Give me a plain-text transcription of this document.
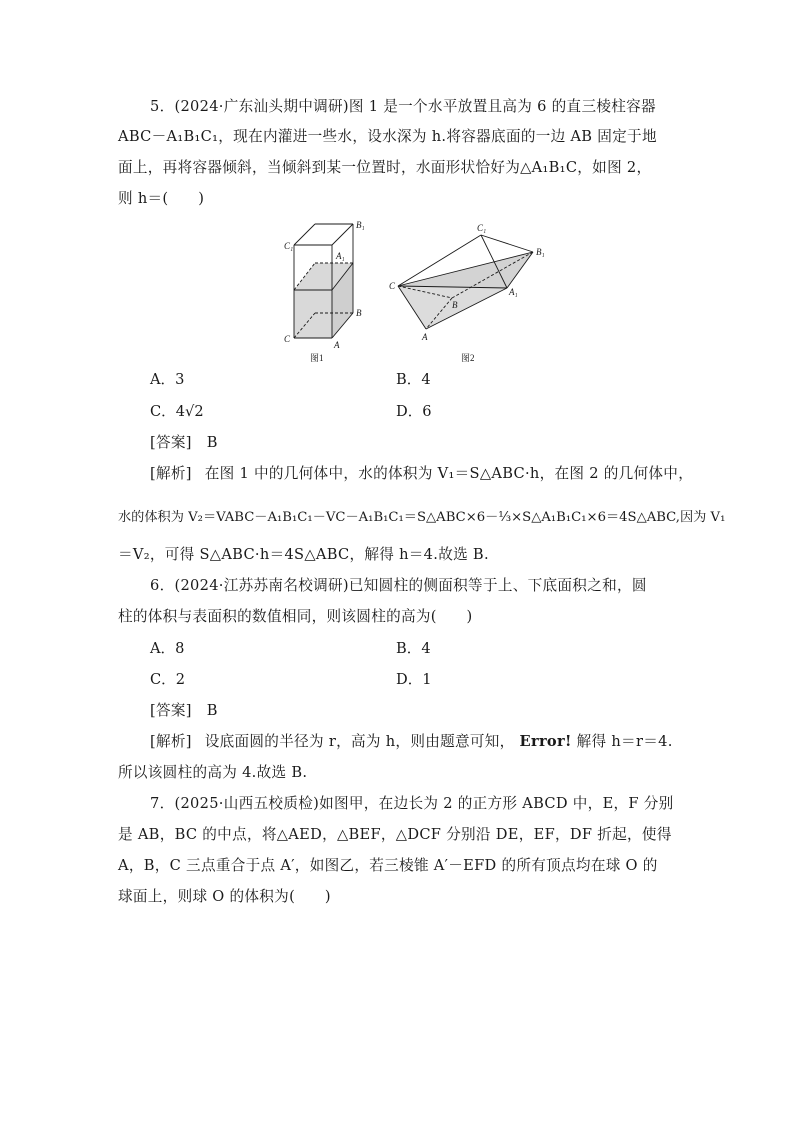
5．(2024·广东汕头期中调研)图 1 是一个水平放置且高为 6 的直三棱柱容器
ABC－A₁B₁C₁，现在内灌进一些水，设水深为 h.将容器底面的一边 AB 固定于地
面上，再将容器倾斜，当倾斜到某一位置时，水面形状恰好为△A₁B₁C，如图 2，
则 h＝(　　)
C₁
B₁
A₁
C
B
A
图1
C₁
B₁
A₁
C
B
A
图2
A．3	B．4
C．4√2	D．6
[答案] B
[解析] 在图 1 中的几何体中，水的体积为 V₁＝S△ABC·h，在图 2 的几何体中，
水的体积为 V₂＝VABC－A₁B₁C₁－VC－A₁B₁C₁＝S△ABC×6－⅓×S△A₁B₁C₁×6＝4S△ABC,因为 V₁
＝V₂，可得 S△ABC·h＝4S△ABC，解得 h＝4.故选 B.
6．(2024·江苏苏南名校调研)已知圆柱的侧面积等于上、下底面积之和，圆
柱的体积与表面积的数值相同，则该圆柱的高为(　　)
A．8	B．4
C．2	D．1
[答案] B
[解析] 设底面圆的半径为 r，高为 h，则由题意可知， Error! 解得 h＝r＝4.
所以该圆柱的高为 4.故选 B.
7．(2025·山西五校质检)如图甲，在边长为 2 的正方形 ABCD 中，E，F 分别
是 AB，BC 的中点，将△AED，△BEF，△DCF 分别沿 DE，EF，DF 折起，使得
A，B，C 三点重合于点 A′，如图乙，若三棱锥 A′－EFD 的所有顶点均在球 O 的
球面上，则球 O 的体积为(　　)
